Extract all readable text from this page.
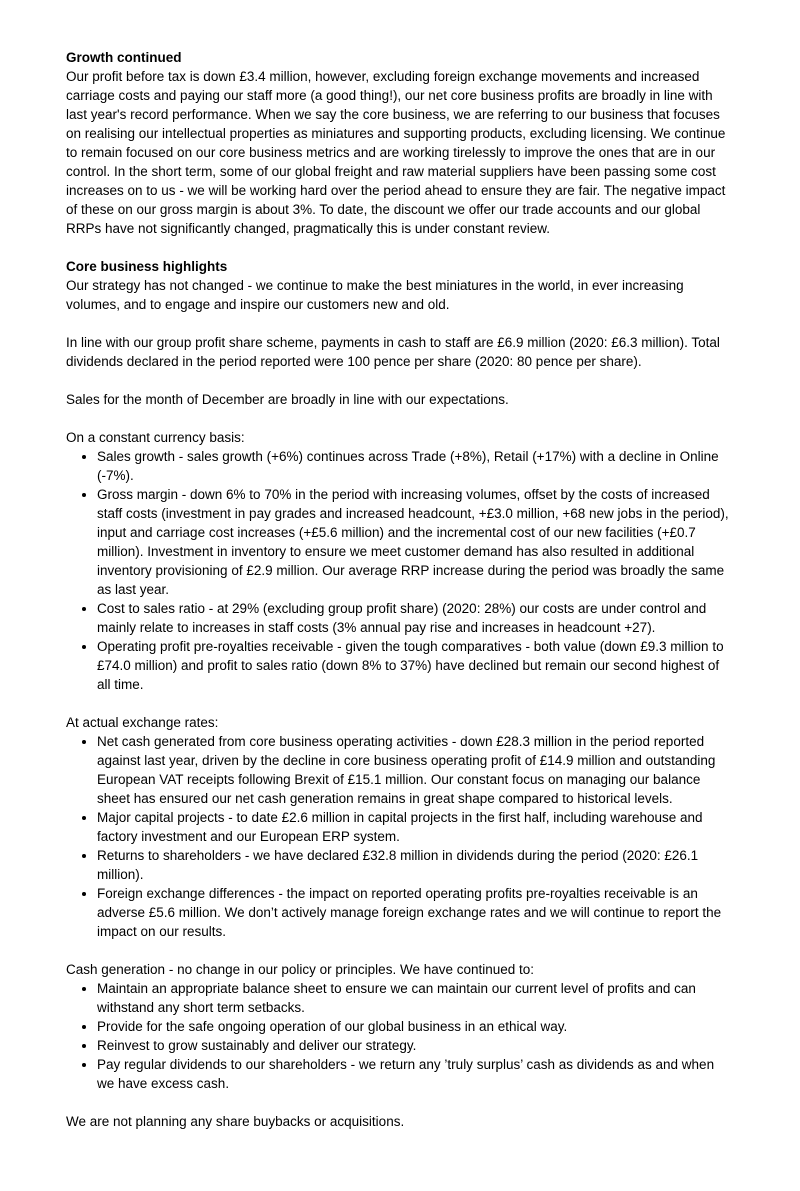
Growth continued
Our profit before tax is down £3.4 million, however, excluding foreign exchange movements and increased carriage costs and paying our staff more (a good thing!), our net core business profits are broadly in line with last year's record performance. When we say the core business, we are referring to our business that focuses on realising our intellectual properties as miniatures and supporting products, excluding licensing. We continue to remain focused on our core business metrics and are working tirelessly to improve the ones that are in our control. In the short term, some of our global freight and raw material suppliers have been passing some cost increases on to us - we will be working hard over the period ahead to ensure they are fair. The negative impact of these on our gross margin is about 3%. To date, the discount we offer our trade accounts and our global RRPs have not significantly changed, pragmatically this is under constant review.
Core business highlights
Our strategy has not changed - we continue to make the best miniatures in the world, in ever increasing volumes, and to engage and inspire our customers new and old.
In line with our group profit share scheme, payments in cash to staff are £6.9 million (2020: £6.3 million). Total dividends declared in the period reported were 100 pence per share (2020: 80 pence per share).
Sales for the month of December are broadly in line with our expectations.
On a constant currency basis:
• Sales growth - sales growth (+6%) continues across Trade (+8%), Retail (+17%) with a decline in Online (-7%).
• Gross margin - down 6% to 70% in the period with increasing volumes, offset by the costs of increased staff costs (investment in pay grades and increased headcount, +£3.0 million, +68 new jobs in the period), input and carriage cost increases (+£5.6 million) and the incremental cost of our new facilities (+£0.7 million). Investment in inventory to ensure we meet customer demand has also resulted in additional inventory provisioning of £2.9 million. Our average RRP increase during the period was broadly the same as last year.
• Cost to sales ratio - at 29% (excluding group profit share) (2020: 28%) our costs are under control and mainly relate to increases in staff costs (3% annual pay rise and increases in headcount +27).
• Operating profit pre-royalties receivable - given the tough comparatives - both value (down £9.3 million to £74.0 million) and profit to sales ratio (down 8% to 37%) have declined but remain our second highest of all time.
At actual exchange rates:
• Net cash generated from core business operating activities - down £28.3 million in the period reported against last year, driven by the decline in core business operating profit of £14.9 million and outstanding European VAT receipts following Brexit of £15.1 million. Our constant focus on managing our balance sheet has ensured our net cash generation remains in great shape compared to historical levels.
• Major capital projects - to date £2.6 million in capital projects in the first half, including warehouse and factory investment and our European ERP system.
• Returns to shareholders - we have declared £32.8 million in dividends during the period (2020: £26.1 million).
• Foreign exchange differences - the impact on reported operating profits pre-royalties receivable is an adverse £5.6 million. We don’t actively manage foreign exchange rates and we will continue to report the impact on our results.
Cash generation - no change in our policy or principles. We have continued to:
• Maintain an appropriate balance sheet to ensure we can maintain our current level of profits and can withstand any short term setbacks.
• Provide for the safe ongoing operation of our global business in an ethical way.
• Reinvest to grow sustainably and deliver our strategy.
• Pay regular dividends to our shareholders - we return any ’truly surplus’ cash as dividends as and when we have excess cash.
We are not planning any share buybacks or acquisitions.
